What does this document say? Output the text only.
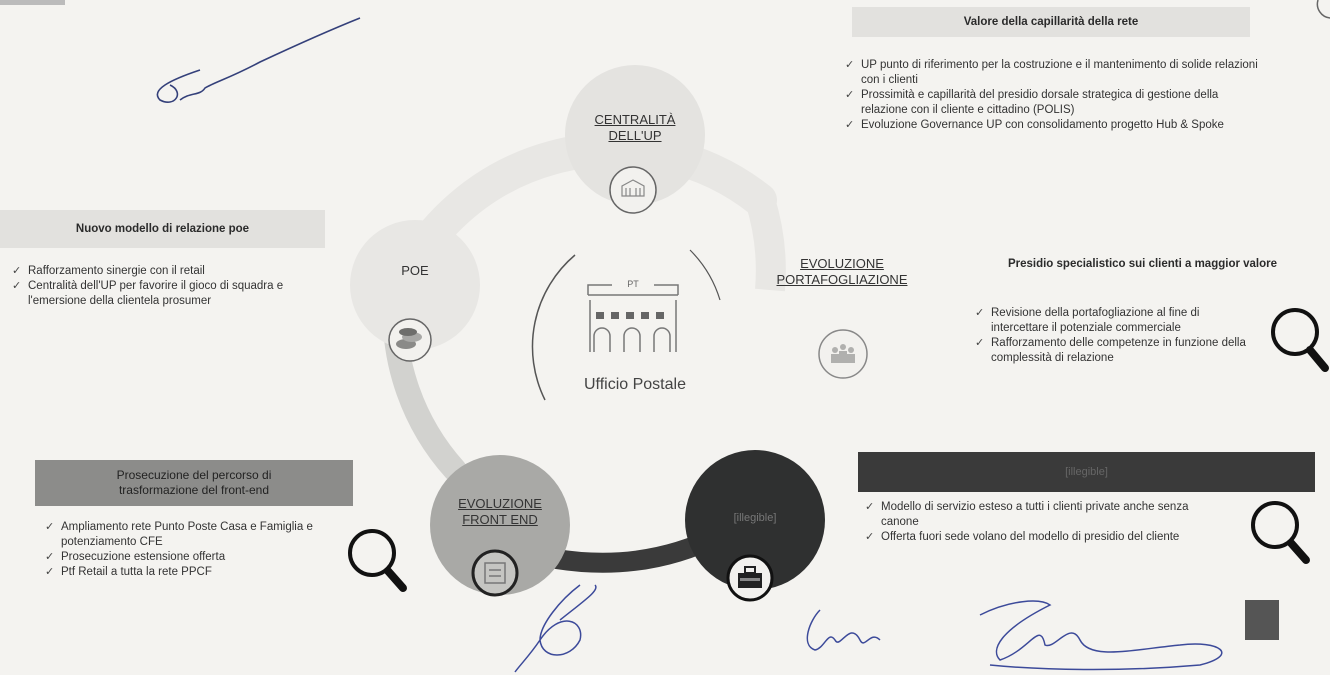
CENTRALITÀ
DELL'UP
POE	EVOLUZIONE
PORTAFOGLIAZIONE
EVOLUZIONE
FRONT END	[illegible]
PT
Ufficio Postale
Valore della capillarità della rete
✓ UP punto di riferimento per la costruzione e il mantenimento di solide relazioni con i clienti
✓ Prossimità e capillarità del presidio dorsale strategica di gestione della relazione con il cliente e cittadino (POLIS)
✓ Evoluzione Governance UP con consolidamento progetto Hub & Spoke
Nuovo modello di relazione poe
✓ Rafforzamento sinergie con il retail
✓ Centralità dell'UP per favorire il gioco di squadra e l'emersione della clientela prosumer
Presidio specialistico sui clienti a maggior valore
✓ Revisione della portafogliazione al fine di intercettare il potenziale commerciale
✓ Rafforzamento delle competenze in funzione della complessità di relazione
Prosecuzione del percorso di
trasformazione del front-end
✓ Ampliamento rete Punto Poste Casa e Famiglia e potenziamento CFE
✓ Prosecuzione estensione offerta
✓ Ptf Retail a tutta la rete PPCF
[illegible]
✓ Modello di servizio esteso a tutti i clienti private anche senza canone
✓ Offerta fuori sede volano del modello di presidio del cliente
